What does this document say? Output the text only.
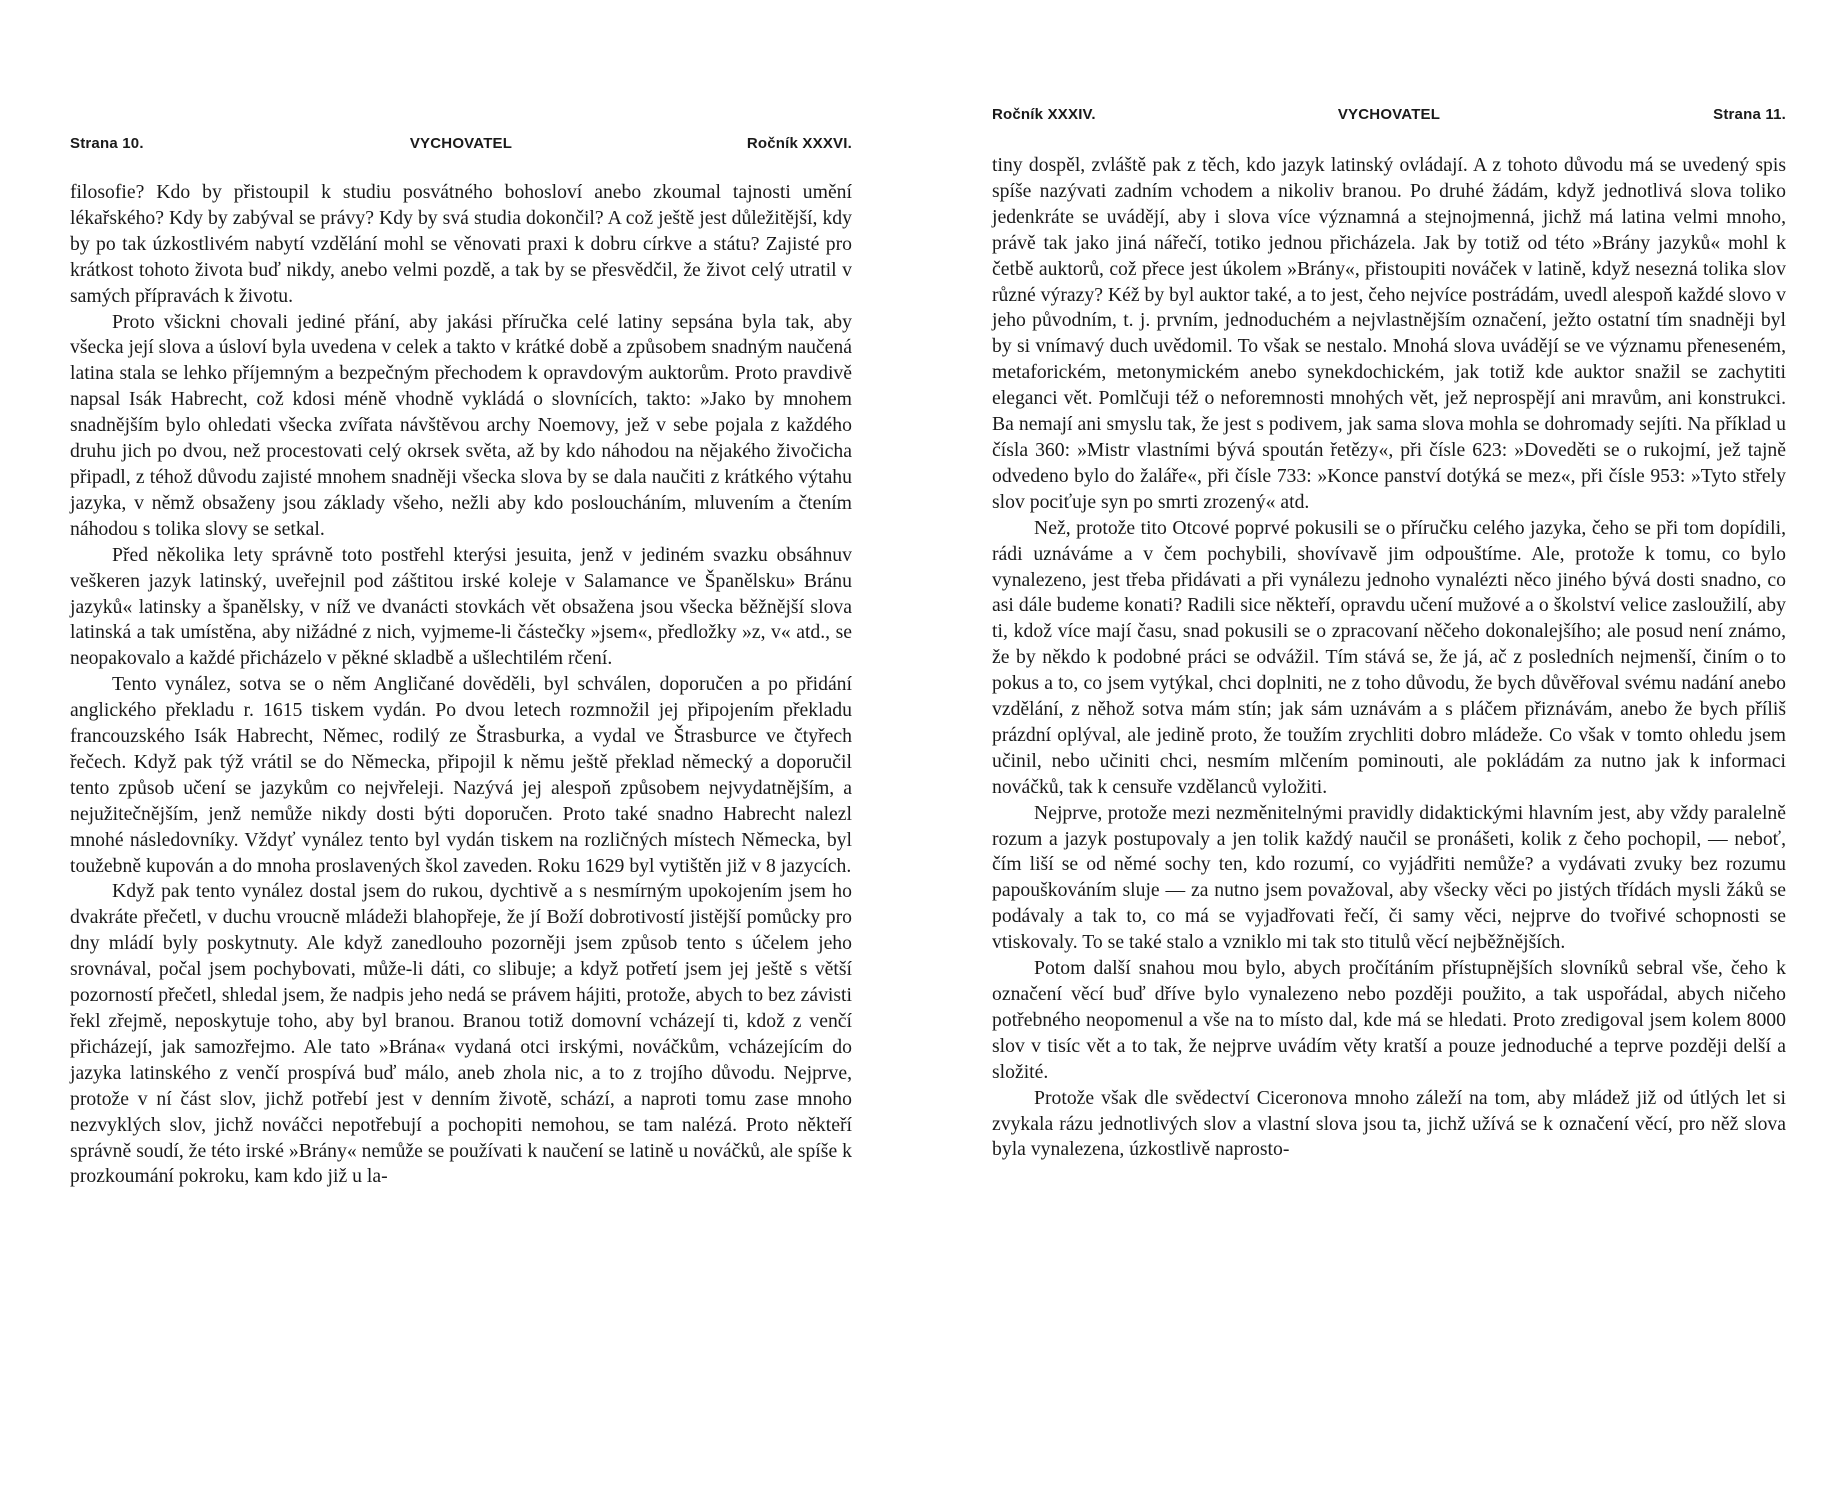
Strana 10.	VYCHOVATEL	Ročník XXXVI.

filosofie? Kdo by přistoupil k studiu posvátného bohosloví anebo zkoumal tajnosti umění lékařského? Kdy by zabýval se právy? Kdy by svá studia dokončil? A což ještě jest důležitější, kdy by po tak úzkostlivém nabytí vzdělání mohl se věnovati praxi k dobru církve a státu? Zajisté pro krátkost tohoto života buď nikdy, anebo velmi pozdě, a tak by se přesvědčil, že život celý utratil v samých přípravách k životu.

Proto všickni chovali jediné přání, aby jakási příručka celé latiny sepsána byla tak, aby všecka její slova a úsloví byla uvedena v celek a takto v krátké době a způsobem snadným naučená latina stala se lehko příjemným a bezpečným přechodem k opravdovým auktorům. Proto pravdivě napsal Isák Habrecht, což kdosi méně vhodně vykládá o slovnících, takto: »Jako by mnohem snadnějším bylo ohledati všecka zvířata návštěvou archy Noemovy, jež v sebe pojala z každého druhu jich po dvou, než procestovati celý okrsek světa, až by kdo náhodou na nějakého živočicha připadl, z téhož důvodu zajisté mnohem snadněji všecka slova by se dala naučiti z krátkého výtahu jazyka, v němž obsaženy jsou základy všeho, nežli aby kdo posloucháním, mluvením a čtením náhodou s tolika slovy se setkal.

Před několika lety správně toto postřehl kterýsi jesuita, jenž v jediném svazku obsáhnuv veškeren jazyk latinský, uveřejnil pod záštitou irské koleje v Salamance ve Španělsku» Bránu jazyků« latinsky a španělsky, v níž ve dvanácti stovkách vět obsažena jsou všecka běžnější slova latinská a tak umístěna, aby nižádné z nich, vyjmeme-li částečky »jsem«, předložky »z, v« atd., se neopakovalo a každé přicházelo v pěkné skladbě a ušlechtilém rčení.

Tento vynález, sotva se o něm Angličané dověděli, byl schválen, doporučen a po přidání anglického překladu r. 1615 tiskem vydán. Po dvou letech rozmnožil jej připojením překladu francouzského Isák Habrecht, Němec, rodilý ze Štrasburka, a vydal ve Štrasburce ve čtyřech řečech. Když pak týž vrátil se do Německa, připojil k němu ještě překlad německý a doporučil tento způsob učení se jazykům co nejvřeleji. Nazývá jej alespoň způsobem nejvydatnějším, a nejužitečnějším, jenž nemůže nikdy dosti býti doporučen. Proto také snadno Habrecht nalezl mnohé následovníky. Vždyť vynález tento byl vydán tiskem na rozličných místech Německa, byl toužebně kupován a do mnoha proslavených škol zaveden. Roku 1629 byl vytištěn již v 8 jazycích.

Když pak tento vynález dostal jsem do rukou, dychtivě a s nesmírným upokojením jsem ho dvakráte přečetl, v duchu vroucně mládeži blahopřeje, že jí Boží dobrotivostí jistější pomůcky pro dny mládí byly poskytnuty. Ale když zanedlouho pozorněji jsem způsob tento s účelem jeho srovnával, počal jsem pochybovati, může-li dáti, co slibuje; a když potřetí jsem jej ještě s větší pozorností přečetl, shledal jsem, že nadpis jeho nedá se právem hájiti, protože, abych to bez závisti řekl zřejmě, neposkytuje toho, aby byl branou. Branou totiž domovní vcházejí ti, kdož z venčí přicházejí, jak samozřejmo. Ale tato »Brána« vydaná otci irskými, nováčkům, vcházejícím do jazyka latinského z venčí prospívá buď málo, aneb zhola nic, a to z trojího důvodu. Nejprve, protože v ní část slov, jichž potřebí jest v denním životě, schází, a naproti tomu zase mnoho nezvyklých slov, jichž nováčci nepotřebují a pochopiti nemohou, se tam nalézá. Proto někteří správně soudí, že této irské »Brány« nemůže se používati k naučení se latině u nováčků, ale spíše k prozkoumání pokroku, kam kdo již u la-

Ročník XXXIV.	VYCHOVATEL	Strana 11.

tiny dospěl, zvláště pak z těch, kdo jazyk latinský ovládají. A z tohoto důvodu má se uvedený spis spíše nazývati zadním vchodem a nikoliv branou. Po druhé žádám, když jednotlivá slova toliko jedenkráte se uvádějí, aby i slova více významná a stejnojmenná, jichž má latina velmi mnoho, právě tak jako jiná nářečí, totiko jednou přicházela. Jak by totiž od této »Brány jazyků« mohl k četbě auktorů, což přece jest úkolem »Brány«, přistoupiti nováček v latině, když nesezná tolika slov různé výrazy? Kéž by byl auktor také, a to jest, čeho nejvíce postrádám, uvedl alespoň každé slovo v jeho původním, t. j. prvním, jednoduchém a nejvlastnějším označení, ježto ostatní tím snadněji byl by si vnímavý duch uvědomil. To však se nestalo. Mnohá slova uvádějí se ve významu přeneseném, metaforickém, metonymickém anebo synekdochickém, jak totiž kde auktor snažil se zachytiti eleganci vět. Pomlčuji též o neforemnosti mnohých vět, jež neprospějí ani mravům, ani konstrukci. Ba nemají ani smyslu tak, že jest s podivem, jak sama slova mohla se dohromady sejíti. Na příklad u čísla 360: »Mistr vlastními bývá spoután řetězy«, při čísle 623: »Doveděti se o rukojmí, jež tajně odvedeno bylo do žaláře«, při čísle 733: »Konce panství dotýká se mez«, při čísle 953: »Tyto střely slov pociťuje syn po smrti zrozený« atd.

Než, protože tito Otcové poprvé pokusili se o příručku celého jazyka, čeho se při tom dopídili, rádi uznáváme a v čem pochybili, shovívavě jim odpouštíme. Ale, protože k tomu, co bylo vynalezeno, jest třeba přidávati a při vynálezu jednoho vynalézti něco jiného bývá dosti snadno, co asi dále budeme konati? Radili sice někteří, opravdu učení mužové a o školství velice zasloužilí, aby ti, kdož více mají času, snad pokusili se o zpracovaní něčeho dokonalejšího; ale posud není známo, že by někdo k podobné práci se odvážil. Tím stává se, že já, ač z posledních nejmenší, činím o to pokus a to, co jsem vytýkal, chci doplniti, ne z toho důvodu, že bych důvěřoval svému nadání anebo vzdělání, z něhož sotva mám stín; jak sám uznávám a s pláčem přiznávám, anebo že bych příliš prázdní oplýval, ale jedině proto, že toužím zrychliti dobro mládeže. Co však v tomto ohledu jsem učinil, nebo učiniti chci, nesmím mlčením pominouti, ale pokládám za nutno jak k informaci nováčků, tak k censuře vzdělanců vyložiti.

Nejprve, protože mezi nezměnitelnými pravidly didaktickými hlavním jest, aby vždy paralelně rozum a jazyk postupovaly a jen tolik každý naučil se pronášeti, kolik z čeho pochopil, — neboť, čím liší se od němé sochy ten, kdo rozumí, co vyjádřiti nemůže? a vydávati zvuky bez rozumu papouškováním sluje — za nutno jsem považoval, aby všecky věci po jistých třídách mysli žáků se podávaly a tak to, co má se vyjadřovati řečí, či samy věci, nejprve do tvořivé schopnosti se vtiskovaly. To se také stalo a vzniklo mi tak sto titulů věcí nejběžnějších.

Potom další snahou mou bylo, abych pročítáním přístupnějších slovníků sebral vše, čeho k označení věcí buď dříve bylo vynalezeno nebo později použito, a tak uspořádal, abych ničeho potřebného neopomenul a vše na to místo dal, kde má se hledati. Proto zredigoval jsem kolem 8000 slov v tisíc vět a to tak, že nejprve uvádím věty kratší a pouze jednoduché a teprve později delší a složité.

Protože však dle svědectví Ciceronova mnoho záleží na tom, aby mládež již od útlých let si zvykala rázu jednotlivých slov a vlastní slova jsou ta, jichž užívá se k označení věcí, pro něž slova byla vynalezena, úzkostlivě naprosto-
